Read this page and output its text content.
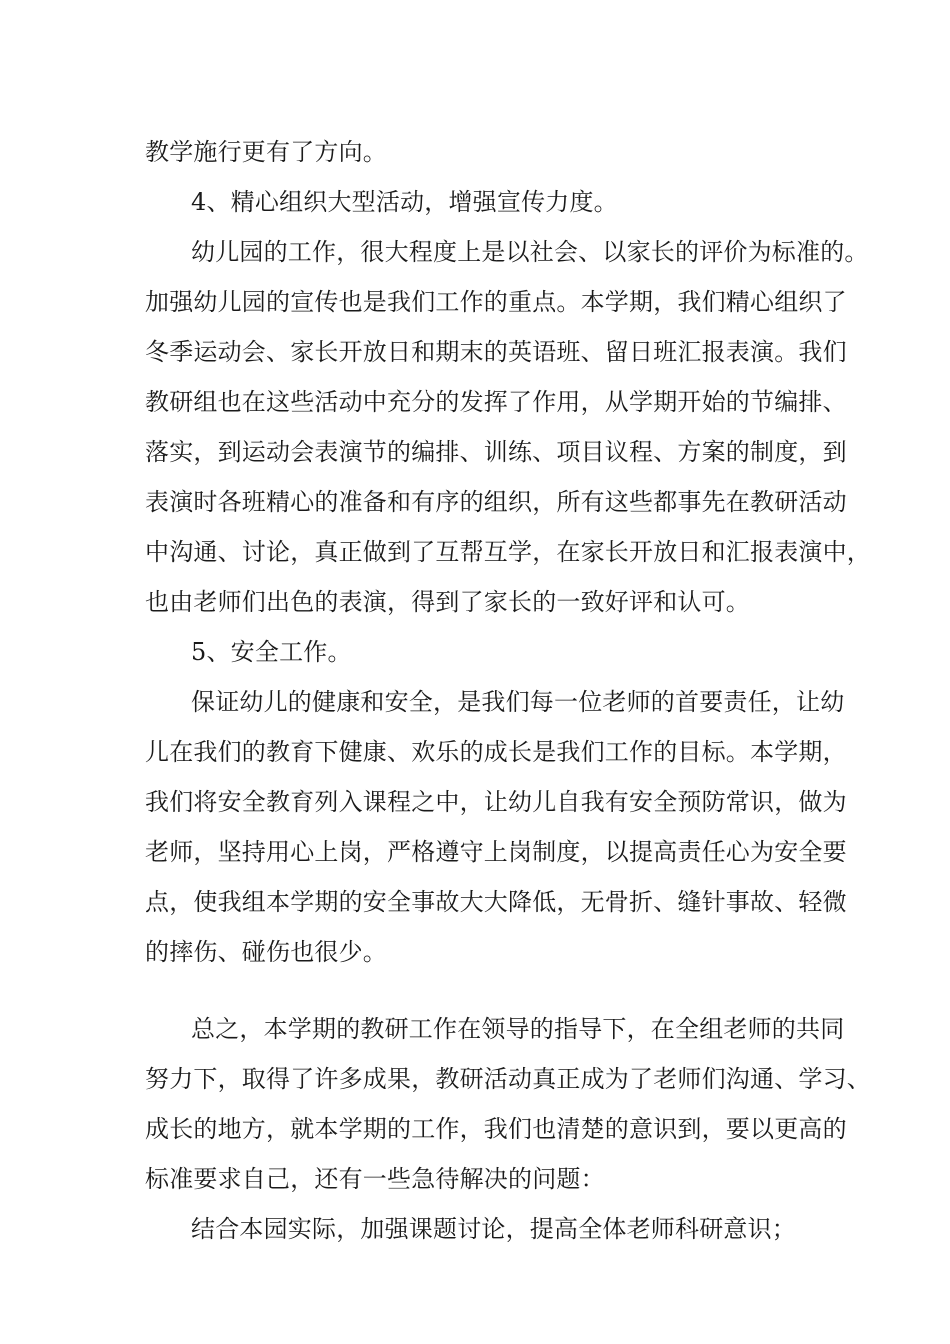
教学施行更有了方向。
4、精心组织大型活动，增强宣传力度。
幼儿园的工作，很大程度上是以社会、以家长的评价为标准的。
加强幼儿园的宣传也是我们工作的重点。本学期，我们精心组织了
冬季运动会、家长开放日和期末的英语班、留日班汇报表演。我们
教研组也在这些活动中充分的发挥了作用，从学期开始的节编排、
落实，到运动会表演节的编排、训练、项目议程、方案的制度，到
表演时各班精心的准备和有序的组织，所有这些都事先在教研活动
中沟通、讨论，真正做到了互帮互学，在家长开放日和汇报表演中，
也由老师们出色的表演，得到了家长的一致好评和认可。
5、安全工作。
保证幼儿的健康和安全，是我们每一位老师的首要责任，让幼
儿在我们的教育下健康、欢乐的成长是我们工作的目标。本学期，
我们将安全教育列入课程之中，让幼儿自我有安全预防常识，做为
老师，坚持用心上岗，严格遵守上岗制度，以提高责任心为安全要
点，使我组本学期的安全事故大大降低，无骨折、缝针事故、轻微
的摔伤、碰伤也很少。
总之，本学期的教研工作在领导的指导下，在全组老师的共同
努力下，取得了许多成果，教研活动真正成为了老师们沟通、学习、
成长的地方，就本学期的工作，我们也清楚的意识到，要以更高的
标准要求自己，还有一些急待解决的问题：
结合本园实际，加强课题讨论，提高全体老师科研意识；
